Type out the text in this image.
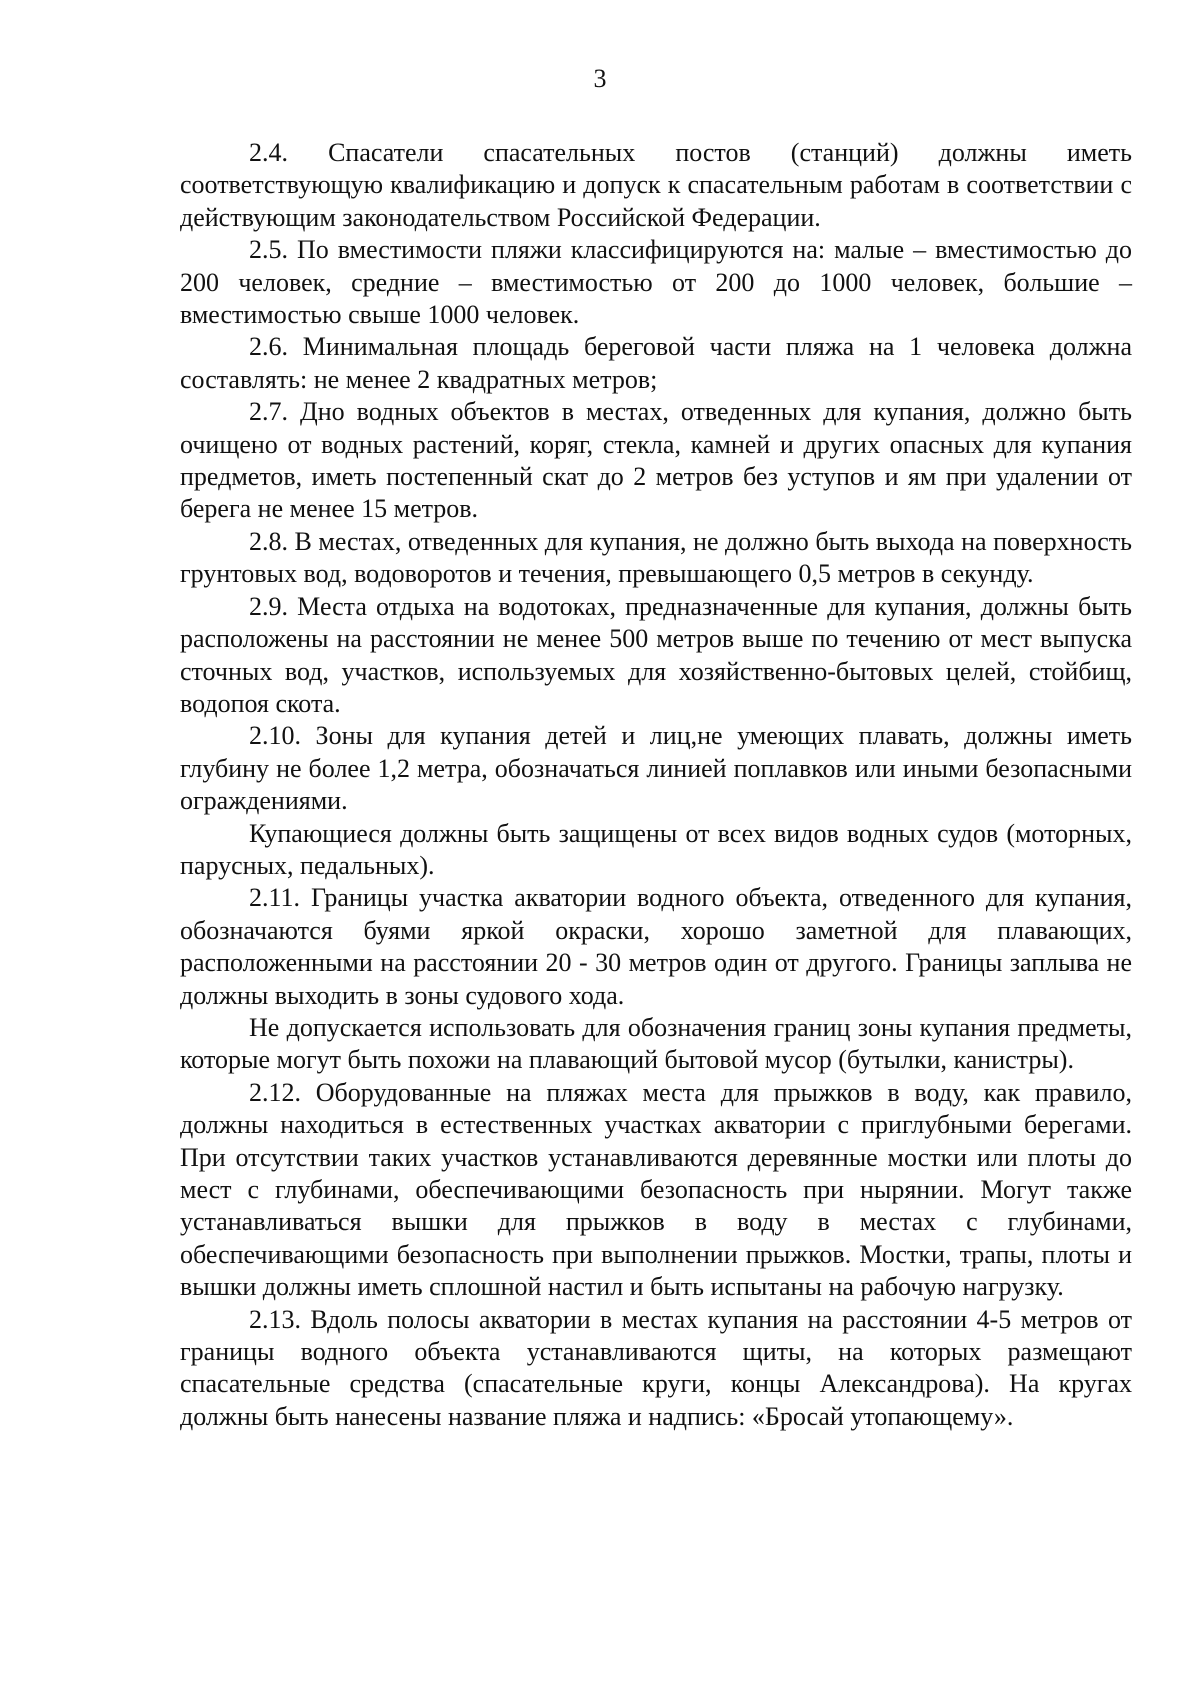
3

2.4. Спасатели спасательных постов (станций) должны иметь соответствующую квалификацию и допуск к спасательным работам в соответствии с действующим законодательством Российской Федерации.

2.5. По вместимости пляжи классифицируются на: малые – вместимостью до 200 человек, средние – вместимостью от 200 до 1000 человек, большие – вместимостью свыше 1000 человек.

2.6. Минимальная площадь береговой части пляжа на 1 человека должна составлять: не менее 2 квадратных метров;

2.7. Дно водных объектов в местах, отведенных для купания, должно быть очищено от водных растений, коряг, стекла, камней и других опасных для купания предметов, иметь постепенный скат до 2 метров без уступов и ям при удалении от берега не менее 15 метров.

2.8. В местах, отведенных для купания, не должно быть выхода на поверхность грунтовых вод, водоворотов и течения, превышающего 0,5 метров в секунду.

2.9. Места отдыха на водотоках, предназначенные для купания, должны быть расположены на расстоянии не менее 500 метров выше по течению от мест выпуска сточных вод, участков, используемых для хозяйственно-бытовых целей, стойбищ, водопоя скота.

2.10. Зоны для купания детей и лиц,не умеющих плавать, должны иметь глубину не более 1,2 метра, обозначаться линией поплавков или иными безопасными ограждениями.

Купающиеся должны быть защищены от всех видов водных судов (моторных, парусных, педальных).

2.11. Границы участка акватории водного объекта, отведенного для купания, обозначаются буями яркой окраски, хорошо заметной для плавающих, расположенными на расстоянии 20 - 30 метров один от другого. Границы заплыва не должны выходить в зоны судового хода.

Не допускается использовать для обозначения границ зоны купания предметы, которые могут быть похожи на плавающий бытовой мусор (бутылки, канистры).

2.12. Оборудованные на пляжах места для прыжков в воду, как правило, должны находиться в естественных участках акватории с приглубными берегами. При отсутствии таких участков устанавливаются деревянные мостки или плоты до мест с глубинами, обеспечивающими безопасность при нырянии. Могут также устанавливаться вышки для прыжков в воду в местах с глубинами, обеспечивающими безопасность при выполнении прыжков. Мостки, трапы, плоты и вышки должны иметь сплошной настил и быть испытаны на рабочую нагрузку.

2.13. Вдоль полосы акватории в местах купания на расстоянии 4-5 метров от границы водного объекта устанавливаются щиты, на которых размещают спасательные средства (спасательные круги, концы Александрова). На кругах должны быть нанесены название пляжа и надпись: «Бросай утопающему».
